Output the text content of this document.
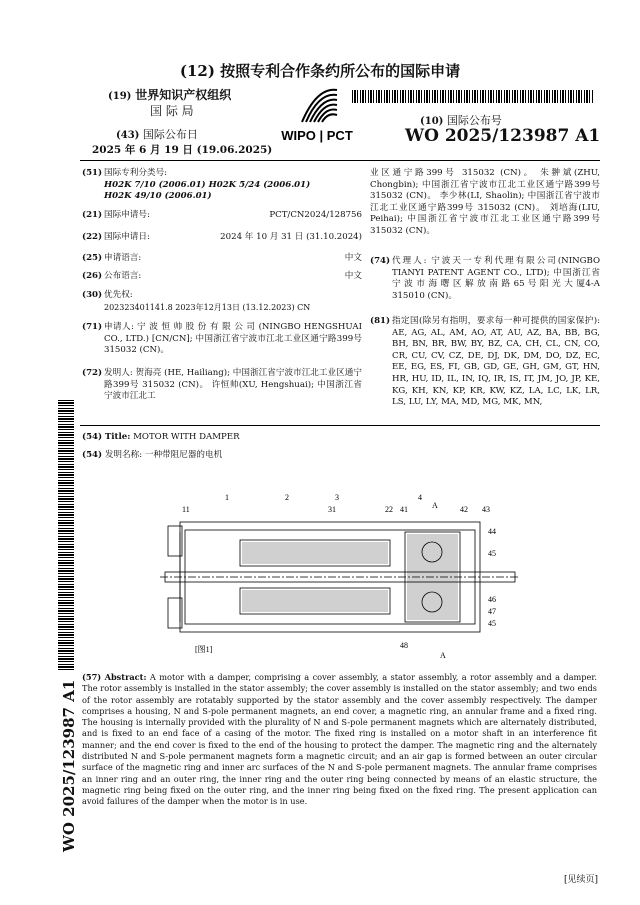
(12) 按照专利合作条约所公布的国际申请
(19) 世界知识产权组织
国 际 局
(43) 国际公布日
2025 年 6 月 19 日 (19.06.2025)
WIPO | PCT
(10) 国际公布号
WO 2025/123987 A1
(51) 国际专利分类号:
H02K 7/10 (2006.01) H02K 5/24 (2006.01)
H02K 49/10 (2006.01)
(21) 国际申请号:	PCT/CN2024/128756
(22) 国际申请日:	2024 年 10 月 31 日 (31.10.2024)
(25) 申请语言:	中文
(26) 公布语言:	中文
(30) 优先权:
202323401141.8 2023年12月13日 (13.12.2023) CN
(71) 申请人: 宁 波 恒 帅 股 份 有 限 公 司 (NINGBO HENGSHUAI CO., LTD.) [CN/CN]; 中国浙江省宁波市江北工业区通宁路399号 315032 (CN)。
(72) 发明人: 贺海亮 (HE, Hailiang); 中国浙江省宁波市江北工业区通宁路399号 315032 (CN)。 许恒帅(XU, Hengshuai); 中国浙江省宁波市江北工
业区通宁路399号 315032 (CN)。 朱翀斌(ZHU, Chongbin); 中国浙江省宁波市江北工业区通宁路399号 315032 (CN)。 李少林(LI, Shaolin); 中国浙江省宁波市江北工业区通宁路399号 315032 (CN)。 刘培海(LIU, Peihai); 中国浙江省宁波市江北工业区通宁路399号 315032 (CN)。
(74) 代理人: 宁波天一专利代理有限公司(NINGBO TIANYI PATENT AGENT CO., LTD); 中国浙江省宁 波 市 海 曙 区 解 放 南 路 65 号 阳 光 大 厦4-A 315010 (CN)。
(81) 指定国(除另有指明，要求每一种可提供的国家保护): AE, AG, AL, AM, AO, AT, AU, AZ, BA, BB, BG, BH, BN, BR, BW, BY, BZ, CA, CH, CL, CN, CO, CR, CU, CV, CZ, DE, DJ, DK, DM, DO, DZ, EC, EE, EG, ES, FI, GB, GD, GE, GH, GM, GT, HN, HR, HU, ID, IL, IN, IQ, IR, IS, IT, JM, JO, JP, KE, KG, KH, KN, KP, KR, KW, KZ, LA, LC, LK, LR, LS, LU, LY, MA, MD, MG, MK, MN,
(54) Title: MOTOR WITH DAMPER
(54) 发明名称: 一种带阻尼器的电机
1	2	3	4
A
11	31	22 41	42 43
44
45
46
47
45
48
A
[图1]
(57) Abstract: A motor with a damper, comprising a cover assembly, a stator assembly, a rotor assembly and a damper. The rotor assembly is installed in the stator assembly; the cover assembly is installed on the stator assembly; and two ends of the rotor assembly are rotatably supported by the stator assembly and the cover assembly respectively. The damper comprises a housing, N and S-pole permanent magnets, an end cover, a magnetic ring, an annular frame and a fixed ring. The housing is internally provided with the plurality of N and S-pole permanent magnets which are alternately distributed, and is fixed to an end face of a casing of the motor. The fixed ring is installed on a motor shaft in an interference fit manner; and the end cover is fixed to the end of the housing to protect the damper. The magnetic ring and the alternately distributed N and S-pole permanent magnets form a magnetic circuit; and an air gap is formed between an outer circular surface of the magnetic ring and inner arc surfaces of the N and S-pole permanent magnets. The annular frame comprises an inner ring and an outer ring, the inner ring and the outer ring being connected by means of an elastic structure, the magnetic ring being fixed on the outer ring, and the inner ring being fixed on the fixed ring. The present application can avoid failures of the damper when the motor is in use.
WO 2025/123987 A1
[见续页]
